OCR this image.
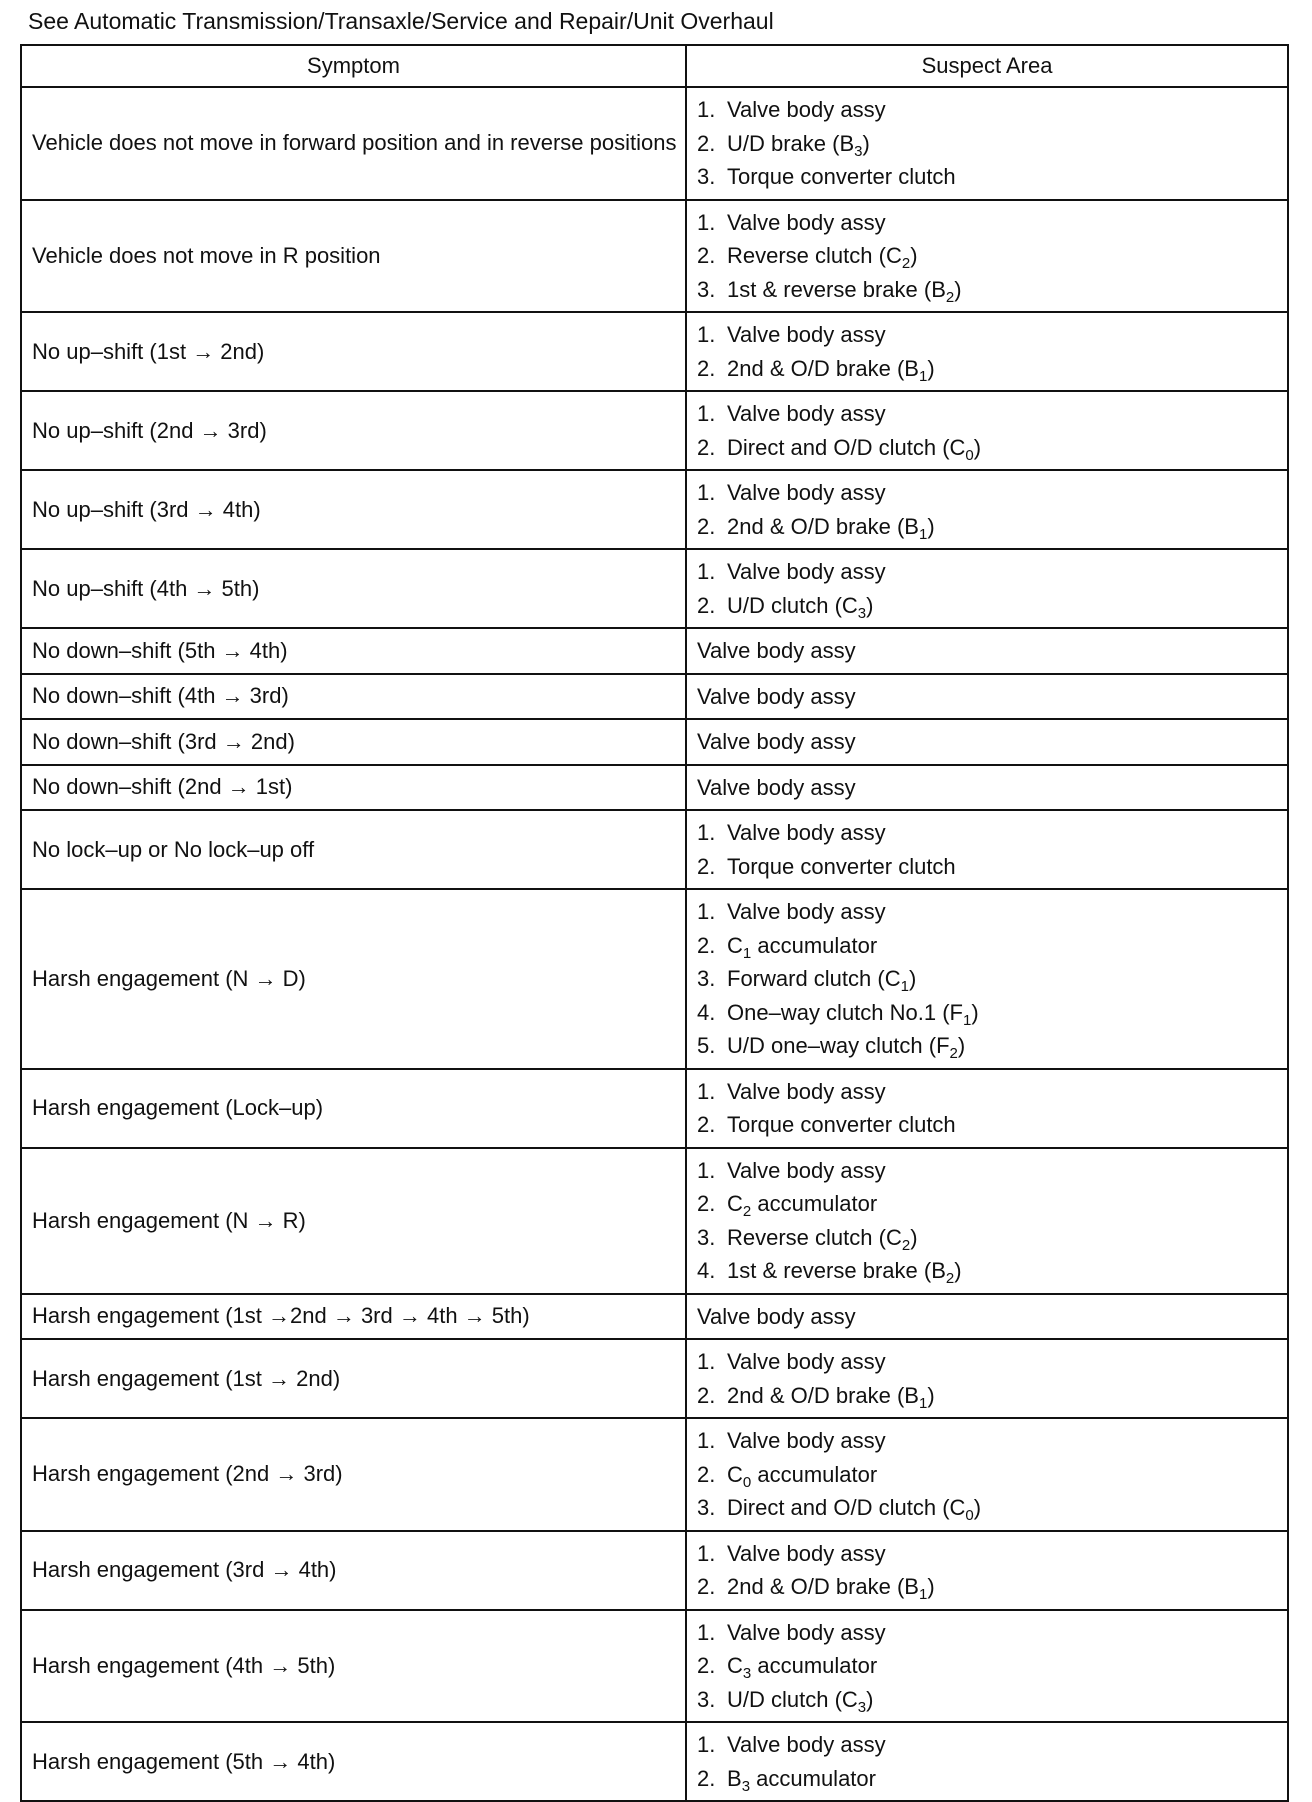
See Automatic Transmission/Transaxle/Service and Repair/Unit Overhaul
Symptom	Suspect Area
Vehicle does not move in forward position and in reverse positions	1. Valve body assy
2. U/D brake $(B_3)$
3. Torque converter clutch

Vehicle does not move in R position	1. Valve body assy
2. Reverse clutch $(C_2)$
3. 1st & reverse brake $(B_2)$

No up–shift (1st → 2nd)	1. Valve body assy
2. 2nd & O/D brake $(B_1)$

No up–shift (2nd → 3rd)	1. Valve body assy
2. Direct and O/D clutch $(C_0)$

No up–shift (3rd → 4th)	1. Valve body assy
2. 2nd & O/D brake $(B_1)$

No up–shift (4th → 5th)	1. Valve body assy
2. U/D clutch $(C_3)$

No down–shift (5th → 4th)	Valve body assy

No down–shift (4th → 3rd)	Valve body assy

No down–shift (3rd → 2nd)	Valve body assy

No down–shift (2nd → 1st)	Valve body assy

No lock–up or No lock–up off	1. Valve body assy
2. Torque converter clutch

Harsh engagement (N → D)	1. Valve body assy
2. $C_1$ accumulator
3. Forward clutch $(C_1)$
4. One–way clutch No.1 $(F_1)$
5. U/D one–way clutch $(F_2)$

Harsh engagement (Lock–up)	1. Valve body assy
2. Torque converter clutch

Harsh engagement (N → R)	1. Valve body assy
2. $C_2$ accumulator
3. Reverse clutch $(C_2)$
4. 1st & reverse brake $(B_2)$

Harsh engagement (1st →2nd → 3rd → 4th → 5th)	Valve body assy

Harsh engagement (1st → 2nd)	1. Valve body assy
2. 2nd & O/D brake $(B_1)$

Harsh engagement (2nd → 3rd)	1. Valve body assy
2. $C_0$ accumulator
3. Direct and O/D clutch $(C_0)$

Harsh engagement (3rd → 4th)	1. Valve body assy
2. 2nd & O/D brake $(B_1)$

Harsh engagement (4th → 5th)	1. Valve body assy
2. $C_3$ accumulator
3. U/D clutch $(C_3)$

Harsh engagement (5th → 4th)	1. Valve body assy
2. $B_3$ accumulator
